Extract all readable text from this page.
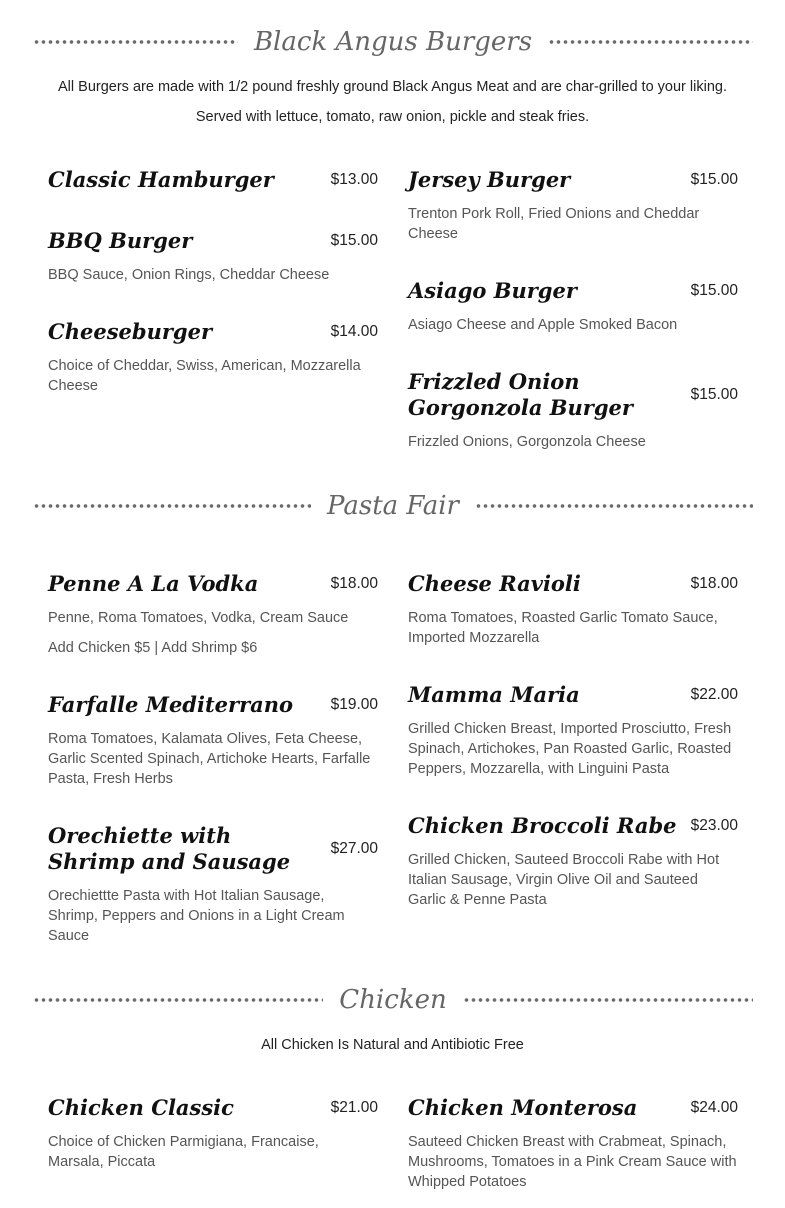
Black Angus Burgers
All Burgers are made with 1/2 pound freshly ground Black Angus Meat and are char-grilled to your liking.
Served with lettuce, tomato, raw onion, pickle and steak fries.
Classic Hamburger	$13.00
BBQ Burger	$15.00
BBQ Sauce, Onion Rings, Cheddar Cheese
Cheeseburger	$14.00
Choice of Cheddar, Swiss, American, Mozzarella Cheese
Jersey Burger	$15.00
Trenton Pork Roll, Fried Onions and Cheddar Cheese
Asiago Burger	$15.00
Asiago Cheese and Apple Smoked Bacon
Frizzled Onion Gorgonzola Burger
$15.00
Frizzled Onions, Gorgonzola Cheese
Pasta Fair
Penne A La Vodka	$18.00
Penne, Roma Tomatoes, Vodka, Cream Sauce
Add Chicken $5 | Add Shrimp $6
Farfalle Mediterrano $19.00
Roma Tomatoes, Kalamata Olives, Feta Cheese, Garlic Scented Spinach, Artichoke Hearts, Farfalle Pasta, Fresh Herbs
Orechiette with Shrimp and Sausage
$27.00
Orechiettte Pasta with Hot Italian Sausage, Shrimp, Peppers and Onions in a Light Cream Sauce
Cheese Ravioli	$18.00
Roma Tomatoes, Roasted Garlic Tomato Sauce, Imported Mozzarella
Mamma Maria	$22.00
Grilled Chicken Breast, Imported Prosciutto, Fresh Spinach, Artichokes, Pan Roasted Garlic, Roasted Peppers, Mozzarella, with Linguini Pasta
Chicken Broccoli Rabe $23.00
Grilled Chicken, Sauteed Broccoli Rabe with Hot Italian Sausage, Virgin Olive Oil and Sauteed Garlic & Penne Pasta
Chicken
All Chicken Is Natural and Antibiotic Free
Chicken Classic	$21.00
Choice of Chicken Parmigiana, Francaise, Marsala, Piccata
Chicken Monterosa	$24.00
Sauteed Chicken Breast with Crabmeat, Spinach, Mushrooms, Tomatoes in a Pink Cream Sauce with Whipped Potatoes
